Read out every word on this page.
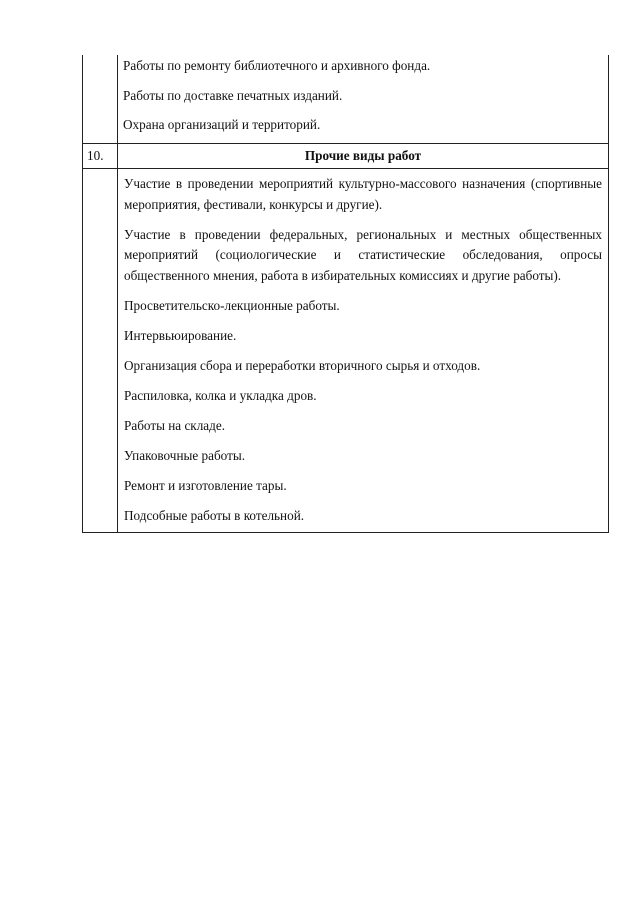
Работы по ремонту библиотечного и архивного фонда.
Работы по доставке печатных изданий.
Охрана организаций и территорий.
10.	Прочие виды работ
Участие в проведении мероприятий культурно-массового назначения (спортивные мероприятия, фестивали, конкурсы и другие).
Участие в проведении федеральных, региональных и местных общественных мероприятий (социологические и статистические обследования, опросы общественного мнения, работа в избирательных комиссиях и другие работы).
Просветительско-лекционные работы.
Интервьюирование.
Организация сбора и переработки вторичного сырья и отходов.
Распиловка, колка и укладка дров.
Работы на складе.
Упаковочные работы.
Ремонт и изготовление тары.
Подсобные работы в котельной.
